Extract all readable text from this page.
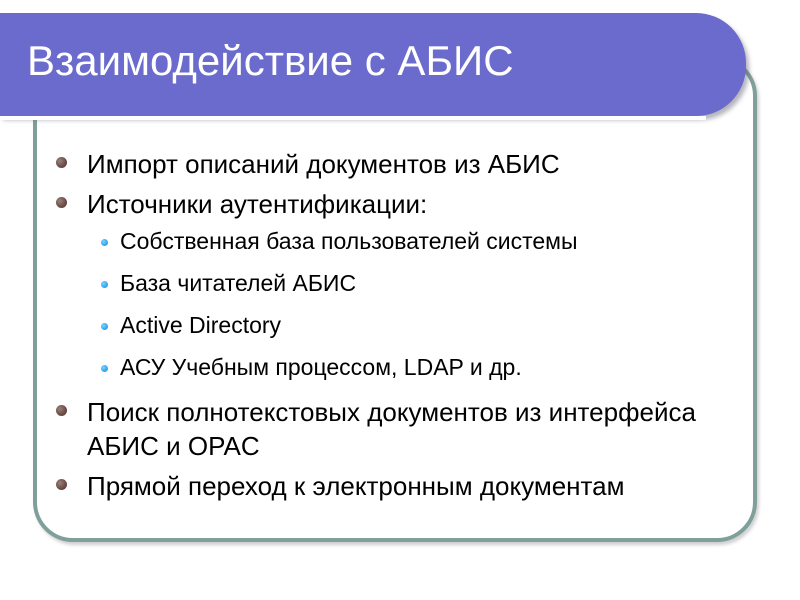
Взаимодействие с АБИС
Импорт описаний документов из АБИС
Источники аутентификации:
Собственная база пользователей системы
База читателей АБИС
Active Directory
АСУ Учебным процессом, LDAP и др.
Поиск полнотекстовых документов из интерфейса АБИС и OPAC
Прямой переход к электронным документам
